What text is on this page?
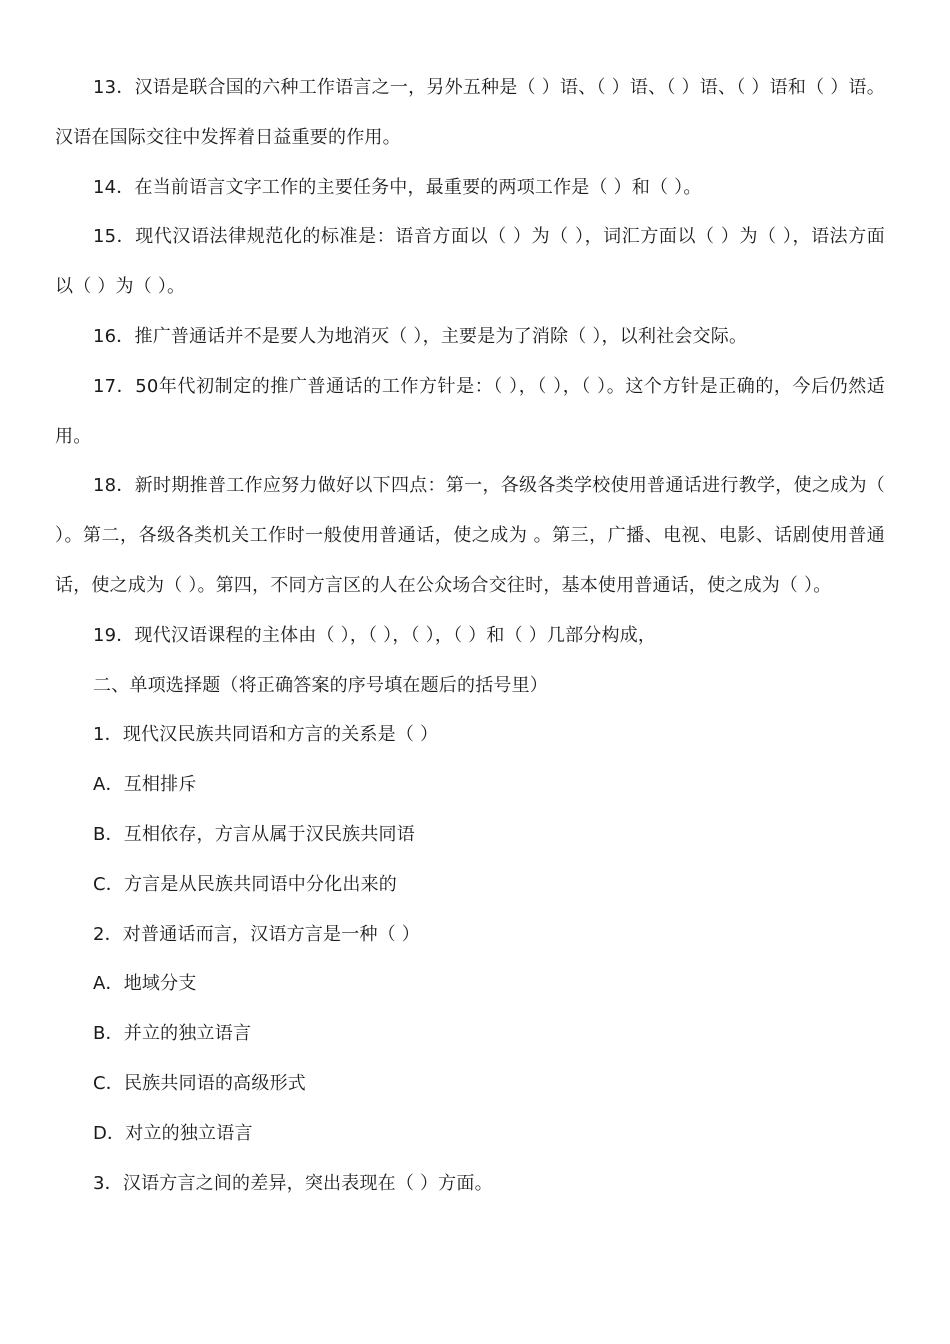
13．汉语是联合国的六种工作语言之一，另外五种是（ ）语、（ ）语、（ ）语、（ ）语和（ ）语。汉语在国际交往中发挥着日益重要的作用。

14．在当前语言文字工作的主要任务中，最重要的两项工作是（ ）和（ ）。

15．现代汉语法律规范化的标准是：语音方面以（ ）为（ ），词汇方面以（ ）为（ ），语法方面以（ ）为（ ）。

16．推广普通话并不是要人为地消灭（ ），主要是为了消除（ ），以利社会交际。

17．50年代初制定的推广普通话的工作方针是：（ ），（ ），（ ）。这个方针是正确的，今后仍然适用。

18．新时期推普工作应努力做好以下四点：第一，各级各类学校使用普通话进行教学，使之成为（ ）。第二，各级各类机关工作时一般使用普通话，使之成为 。第三，广播、电视、电影、话剧使用普通话，使之成为（ ）。第四，不同方言区的人在公众场合交往时，基本使用普通话，使之成为（ ）。

19．现代汉语课程的主体由（ ），（ ），（ ），（ ）和（ ）几部分构成，

二、单项选择题（将正确答案的序号填在题后的括号里）

1．现代汉民族共同语和方言的关系是（ ）

A．互相排斥

B．互相依存，方言从属于汉民族共同语

C．方言是从民族共同语中分化出来的

2．对普通话而言，汉语方言是一种（ ）

A．地域分支

B．并立的独立语言

C．民族共同语的高级形式

D．对立的独立语言

3．汉语方言之间的差异，突出表现在（ ）方面。
